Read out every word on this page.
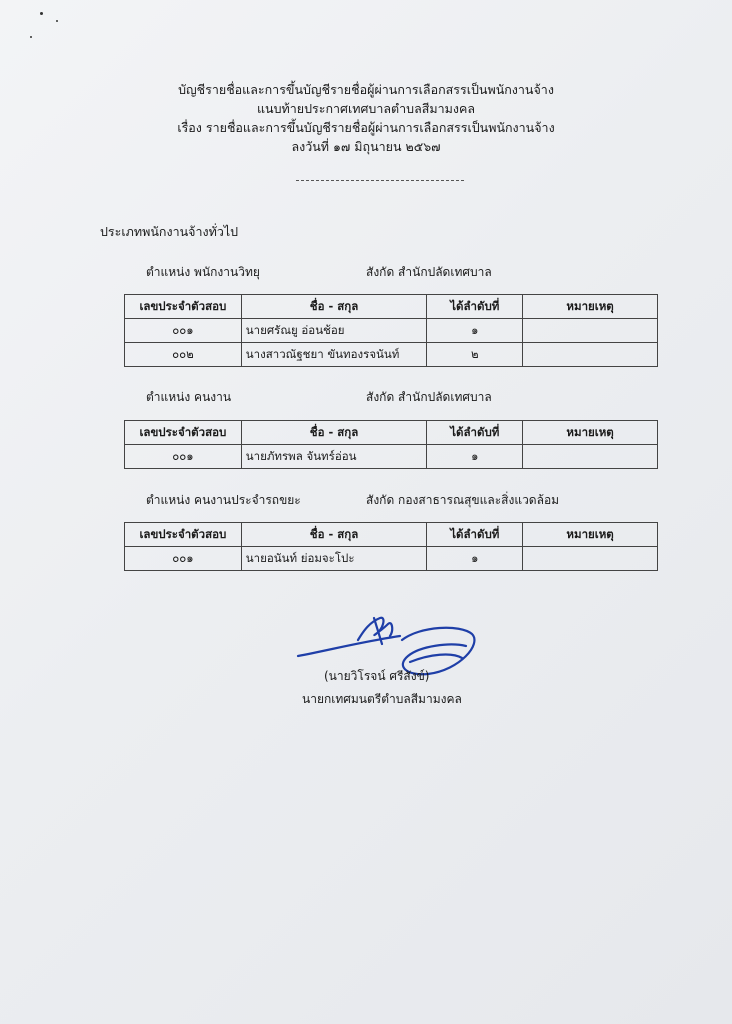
บัญชีรายชื่อและการขึ้นบัญชีรายชื่อผู้ผ่านการเลือกสรรเป็นพนักงานจ้าง
แนบท้ายประกาศเทศบาลตำบลสีมามงคล
เรื่อง รายชื่อและการขึ้นบัญชีรายชื่อผู้ผ่านการเลือกสรรเป็นพนักงานจ้าง
ลงวันที่ ๑๗ มิถุนายน ๒๕๖๗
ประเภทพนักงานจ้างทั่วไป
ตำแหน่ง พนักงานวิทยุ	สังกัด สำนักปลัดเทศบาล
เลขประจำตัวสอบ	ชื่อ - สกุล	ได้ลำดับที่	หมายเหตุ
๐๐๑	นายศรัณยู อ่อนช้อย	๑	
๐๐๒	นางสาวณัฐชยา ขันทองรจนันท์	๒	
ตำแหน่ง คนงาน	สังกัด สำนักปลัดเทศบาล
เลขประจำตัวสอบ	ชื่อ - สกุล	ได้ลำดับที่	หมายเหตุ
๐๐๑	นายภัทรพล จันทร์อ่อน	๑	
ตำแหน่ง คนงานประจำรถขยะ	สังกัด กองสาธารณสุขและสิ่งแวดล้อม
เลขประจำตัวสอบ	ชื่อ - สกุล	ได้ลำดับที่	หมายเหตุ
๐๐๑	นายอนันท์ ย่อมจะโปะ	๑	
(นายวิโรจน์ ศรีสังข์)
นายกเทศมนตรีตำบลสีมามงคล
